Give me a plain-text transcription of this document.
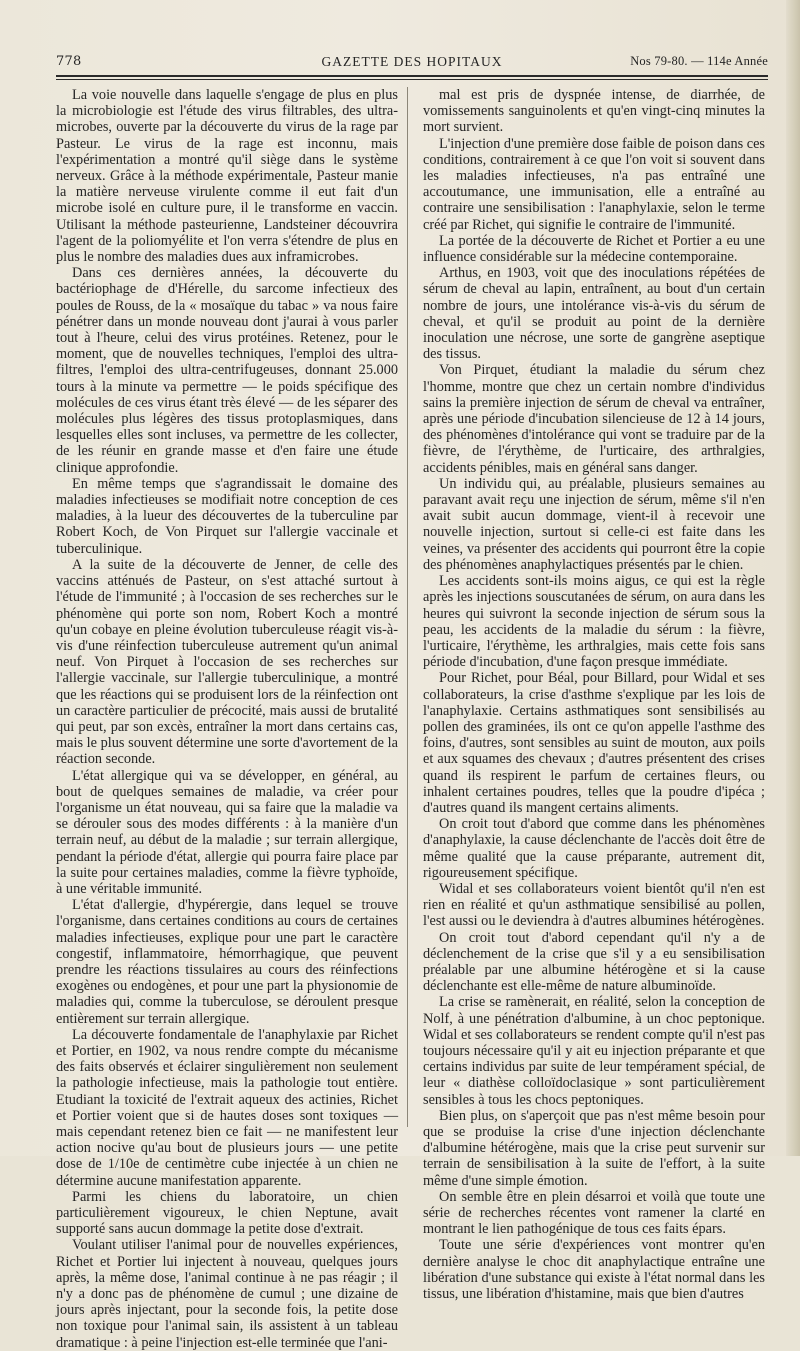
778	GAZETTE DES HOPITAUX	Nos 79-80. — 114e Année

La voie nouvelle dans laquelle s'engage de plus en plus la microbiologie est l'étude des virus filtrables, des ultra-microbes, ouverte par la découverte du virus de la rage par Pasteur. Le virus de la rage est inconnu, mais l'expérimentation a montré qu'il siège dans le système nerveux. Grâce à la méthode expérimentale, Pasteur manie la matière nerveuse virulente comme il eut fait d'un microbe isolé en culture pure, il le transforme en vaccin. Utilisant la méthode pasteurienne, Landsteiner découvrira l'agent de la poliomyélite et l'on verra s'étendre de plus en plus le nombre des maladies dues aux inframicrobes.

Dans ces dernières années, la découverte du bactériophage de d'Hérelle, du sarcome infectieux des poules de Rouss, de la « mosaïque du tabac » va nous faire pénétrer dans un monde nouveau dont j'aurai à vous parler tout à l'heure, celui des virus protéines. Retenez, pour le moment, que de nouvelles techniques, l'emploi des ultra-filtres, l'emploi des ultra-centrifugeuses, donnant 25.000 tours à la minute va permettre — le poids spécifique des molécules de ces virus étant très élevé — de les séparer des molécules plus légères des tissus protoplasmiques, dans lesquelles elles sont incluses, va permettre de les collecter, de les réunir en grande masse et d'en faire une étude clinique approfondie.

En même temps que s'agrandissait le domaine des maladies infectieuses se modifiait notre conception de ces maladies, à la lueur des découvertes de la tuberculine par Robert Koch, de Von Pirquet sur l'allergie vaccinale et tuberculinique.

A la suite de la découverte de Jenner, de celle des vaccins atténués de Pasteur, on s'est attaché surtout à l'étude de l'immunité ; à l'occasion de ses recherches sur le phénomène qui porte son nom, Robert Koch a montré qu'un cobaye en pleine évolution tuberculeuse réagit vis-à-vis d'une réinfection tuberculeuse autrement qu'un animal neuf. Von Pirquet à l'occasion de ses recherches sur l'allergie vaccinale, sur l'allergie tuberculinique, a montré que les réactions qui se produisent lors de la réinfection ont un caractère particulier de précocité, mais aussi de brutalité qui peut, par son excès, entraîner la mort dans certains cas, mais le plus souvent détermine une sorte d'avortement de la réaction seconde.

L'état allergique qui va se développer, en général, au bout de quelques semaines de maladie, va créer pour l'organisme un état nouveau, qui sa faire que la maladie va se dérouler sous des modes différents : à la manière d'un terrain neuf, au début de la maladie ; sur terrain allergique, pendant la période d'état, allergie qui pourra faire place par la suite pour certaines maladies, comme la fièvre typhoïde, à une véritable immunité.

L'état d'allergie, d'hypérergie, dans lequel se trouve l'organisme, dans certaines conditions au cours de certaines maladies infectieuses, explique pour une part le caractère congestif, inflammatoire, hémorrhagique, que peuvent prendre les réactions tissulaires au cours des réinfections exogènes ou endogènes, et pour une part la physionomie de maladies qui, comme la tuberculose, se déroulent presque entièrement sur terrain allergique.

La découverte fondamentale de l'anaphylaxie par Richet et Portier, en 1902, va nous rendre compte du mécanisme des faits observés et éclairer singulièrement non seulement la pathologie infectieuse, mais la pathologie tout entière. Etudiant la toxicité de l'extrait aqueux des actinies, Richet et Portier voient que si de hautes doses sont toxiques — mais cependant retenez bien ce fait — ne manifestent leur action nocive qu'au bout de plusieurs jours — une petite dose de 1/10e de centimètre cube injectée à un chien ne détermine aucune manifestation apparente.

Parmi les chiens du laboratoire, un chien particulièrement vigoureux, le chien Neptune, avait supporté sans aucun dommage la petite dose d'extrait.

Voulant utiliser l'animal pour de nouvelles expériences, Richet et Portier lui injectent à nouveau, quelques jours après, la même dose, l'animal continue à ne pas réagir ; il n'y a donc pas de phénomène de cumul ; une dizaine de jours après injectant, pour la seconde fois, la petite dose non toxique pour l'animal sain, ils assistent à un tableau dramatique : à peine l'injection est-elle terminée que l'ani-

mal est pris de dyspnée intense, de diarrhée, de vomissements sanguinolents et qu'en vingt-cinq minutes la mort survient.

L'injection d'une première dose faible de poison dans ces conditions, contrairement à ce que l'on voit si souvent dans les maladies infectieuses, n'a pas entraîné une accoutumance, une immunisation, elle a entraîné au contraire une sensibilisation : l'anaphylaxie, selon le terme créé par Richet, qui signifie le contraire de l'immunité.

La portée de la découverte de Richet et Portier a eu une influence considérable sur la médecine contemporaine.

Arthus, en 1903, voit que des inoculations répétées de sérum de cheval au lapin, entraînent, au bout d'un certain nombre de jours, une intolérance vis-à-vis du sérum de cheval, et qu'il se produit au point de la dernière inoculation une nécrose, une sorte de gangrène aseptique des tissus.

Von Pirquet, étudiant la maladie du sérum chez l'homme, montre que chez un certain nombre d'individus sains la première injection de sérum de cheval va entraîner, après une période d'incubation silencieuse de 12 à 14 jours, des phénomènes d'intolérance qui vont se traduire par de la fièvre, de l'érythème, de l'urticaire, des arthralgies, accidents pénibles, mais en général sans danger.

Un individu qui, au préalable, plusieurs semaines au paravant avait reçu une injection de sérum, même s'il n'en avait subit aucun dommage, vient-il à recevoir une nouvelle injection, surtout si celle-ci est faite dans les veines, va présenter des accidents qui pourront être la copie des phénomènes anaphylactiques présentés par le chien.

Les accidents sont-ils moins aigus, ce qui est la règle après les injections souscutanées de sérum, on aura dans les heures qui suivront la seconde injection de sérum sous la peau, les accidents de la maladie du sérum : la fièvre, l'urticaire, l'érythème, les arthralgies, mais cette fois sans période d'incubation, d'une façon presque immédiate.

Pour Richet, pour Béal, pour Billard, pour Widal et ses collaborateurs, la crise d'asthme s'explique par les lois de l'anaphylaxie. Certains asthmatiques sont sensibilisés au pollen des graminées, ils ont ce qu'on appelle l'asthme des foins, d'autres, sont sensibles au suint de mouton, aux poils et aux squames des chevaux ; d'autres présentent des crises quand ils respirent le parfum de certaines fleurs, ou inhalent certaines poudres, telles que la poudre d'ipéca ; d'autres quand ils mangent certains aliments.

On croit tout d'abord que comme dans les phénomènes d'anaphylaxie, la cause déclenchante de l'accès doit être de même qualité que la cause préparante, autrement dit, rigoureusement spécifique.

Widal et ses collaborateurs voient bientôt qu'il n'en est rien en réalité et qu'un asthmatique sensibilisé au pollen, l'est aussi ou le deviendra à d'autres albumines hétérogènes.

On croit tout d'abord cependant qu'il n'y a de déclenchement de la crise que s'il y a eu sensibilisation préalable par une albumine hétérogène et si la cause déclenchante est elle-même de nature albuminoïde.

La crise se ramènerait, en réalité, selon la conception de Nolf, à une pénétration d'albumine, à un choc peptonique. Widal et ses collaborateurs se rendent compte qu'il n'est pas toujours nécessaire qu'il y ait eu injection préparante et que certains individus par suite de leur tempérament spécial, de leur « diathèse colloïdoclasique » sont particulièrement sensibles à tous les chocs peptoniques.

Bien plus, on s'aperçoit que pas n'est même besoin pour que se produise la crise d'une injection déclenchante d'albumine hétérogène, mais que la crise peut survenir sur terrain de sensibilisation à la suite de l'effort, à la suite même d'une simple émotion.

On semble être en plein désarroi et voilà que toute une série de recherches récentes vont ramener la clarté en montrant le lien pathogénique de tous ces faits épars.

Toute une série d'expériences vont montrer qu'en dernière analyse le choc dit anaphylactique entraîne une libération d'une substance qui existe à l'état normal dans les tissus, une libération d'histamine, mais que bien d'autres
